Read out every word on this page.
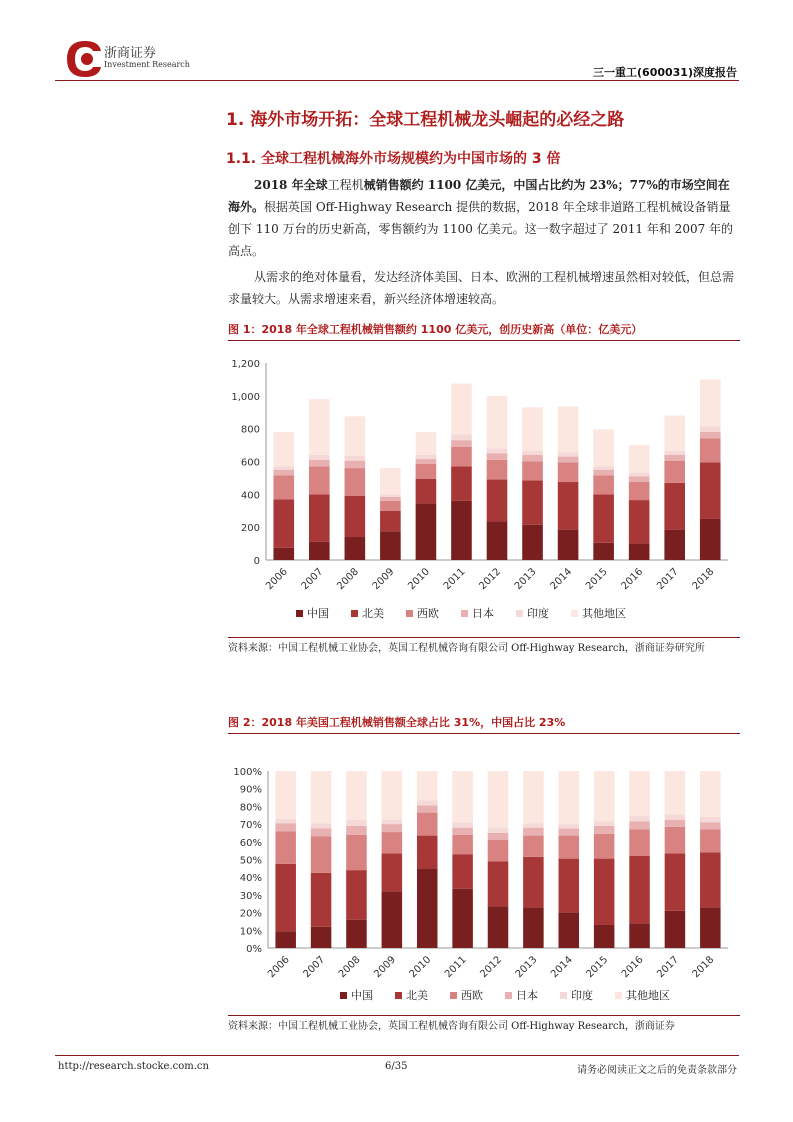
浙商证券
Investment Research
三一重工(600031)深度报告
1. 海外市场开拓：全球工程机械龙头崛起的必经之路
1.1. 全球工程机械海外市场规模约为中国市场的 3 倍

2018 年全球工程机械销售额约 1100 亿美元，中国占比约为 23%；77%的市场空间在海外。根据英国 Off-Highway Research 提供的数据，2018 年全球非道路工程机械设备销量创下 110 万台的历史新高，零售额约为 1100 亿美元。这一数字超过了 2011 年和 2007 年的高点。

从需求的绝对体量看，发达经济体美国、日本、欧洲的工程机械增速虽然相对较低，但总需求量较大。从需求增速来看，新兴经济体增速较高。

图 1：2018 年全球工程机械销售额约 1100 亿美元，创历史新高（单位：亿美元）
0
200
400
600
800
1,000
1,200
2006 2007 2008 2009 2010 2011 2012 2013 2014 2015 2016 2017 2018
中国	北美	西欧	日本	印度	其他地区
资料来源：中国工程机械工业协会，英国工程机械咨询有限公司 Off-Highway Research，浙商证券研究所
图 2：2018 年美国工程机械销售额全球占比 31%，中国占比 23%
0%
10%
20%
30%
40%
50%
60%
70%
80%
90%
100%
2006 2007 2008 2009 2010 2011 2012 2013 2014 2015 2016 2017 2018
中国	北美	西欧	日本	印度	其他地区
资料来源：中国工程机械工业协会，英国工程机械咨询有限公司 Off-Highway Research，浙商证券
http://research.stocke.com.cn	6/35	请务必阅读正文之后的免责条款部分
